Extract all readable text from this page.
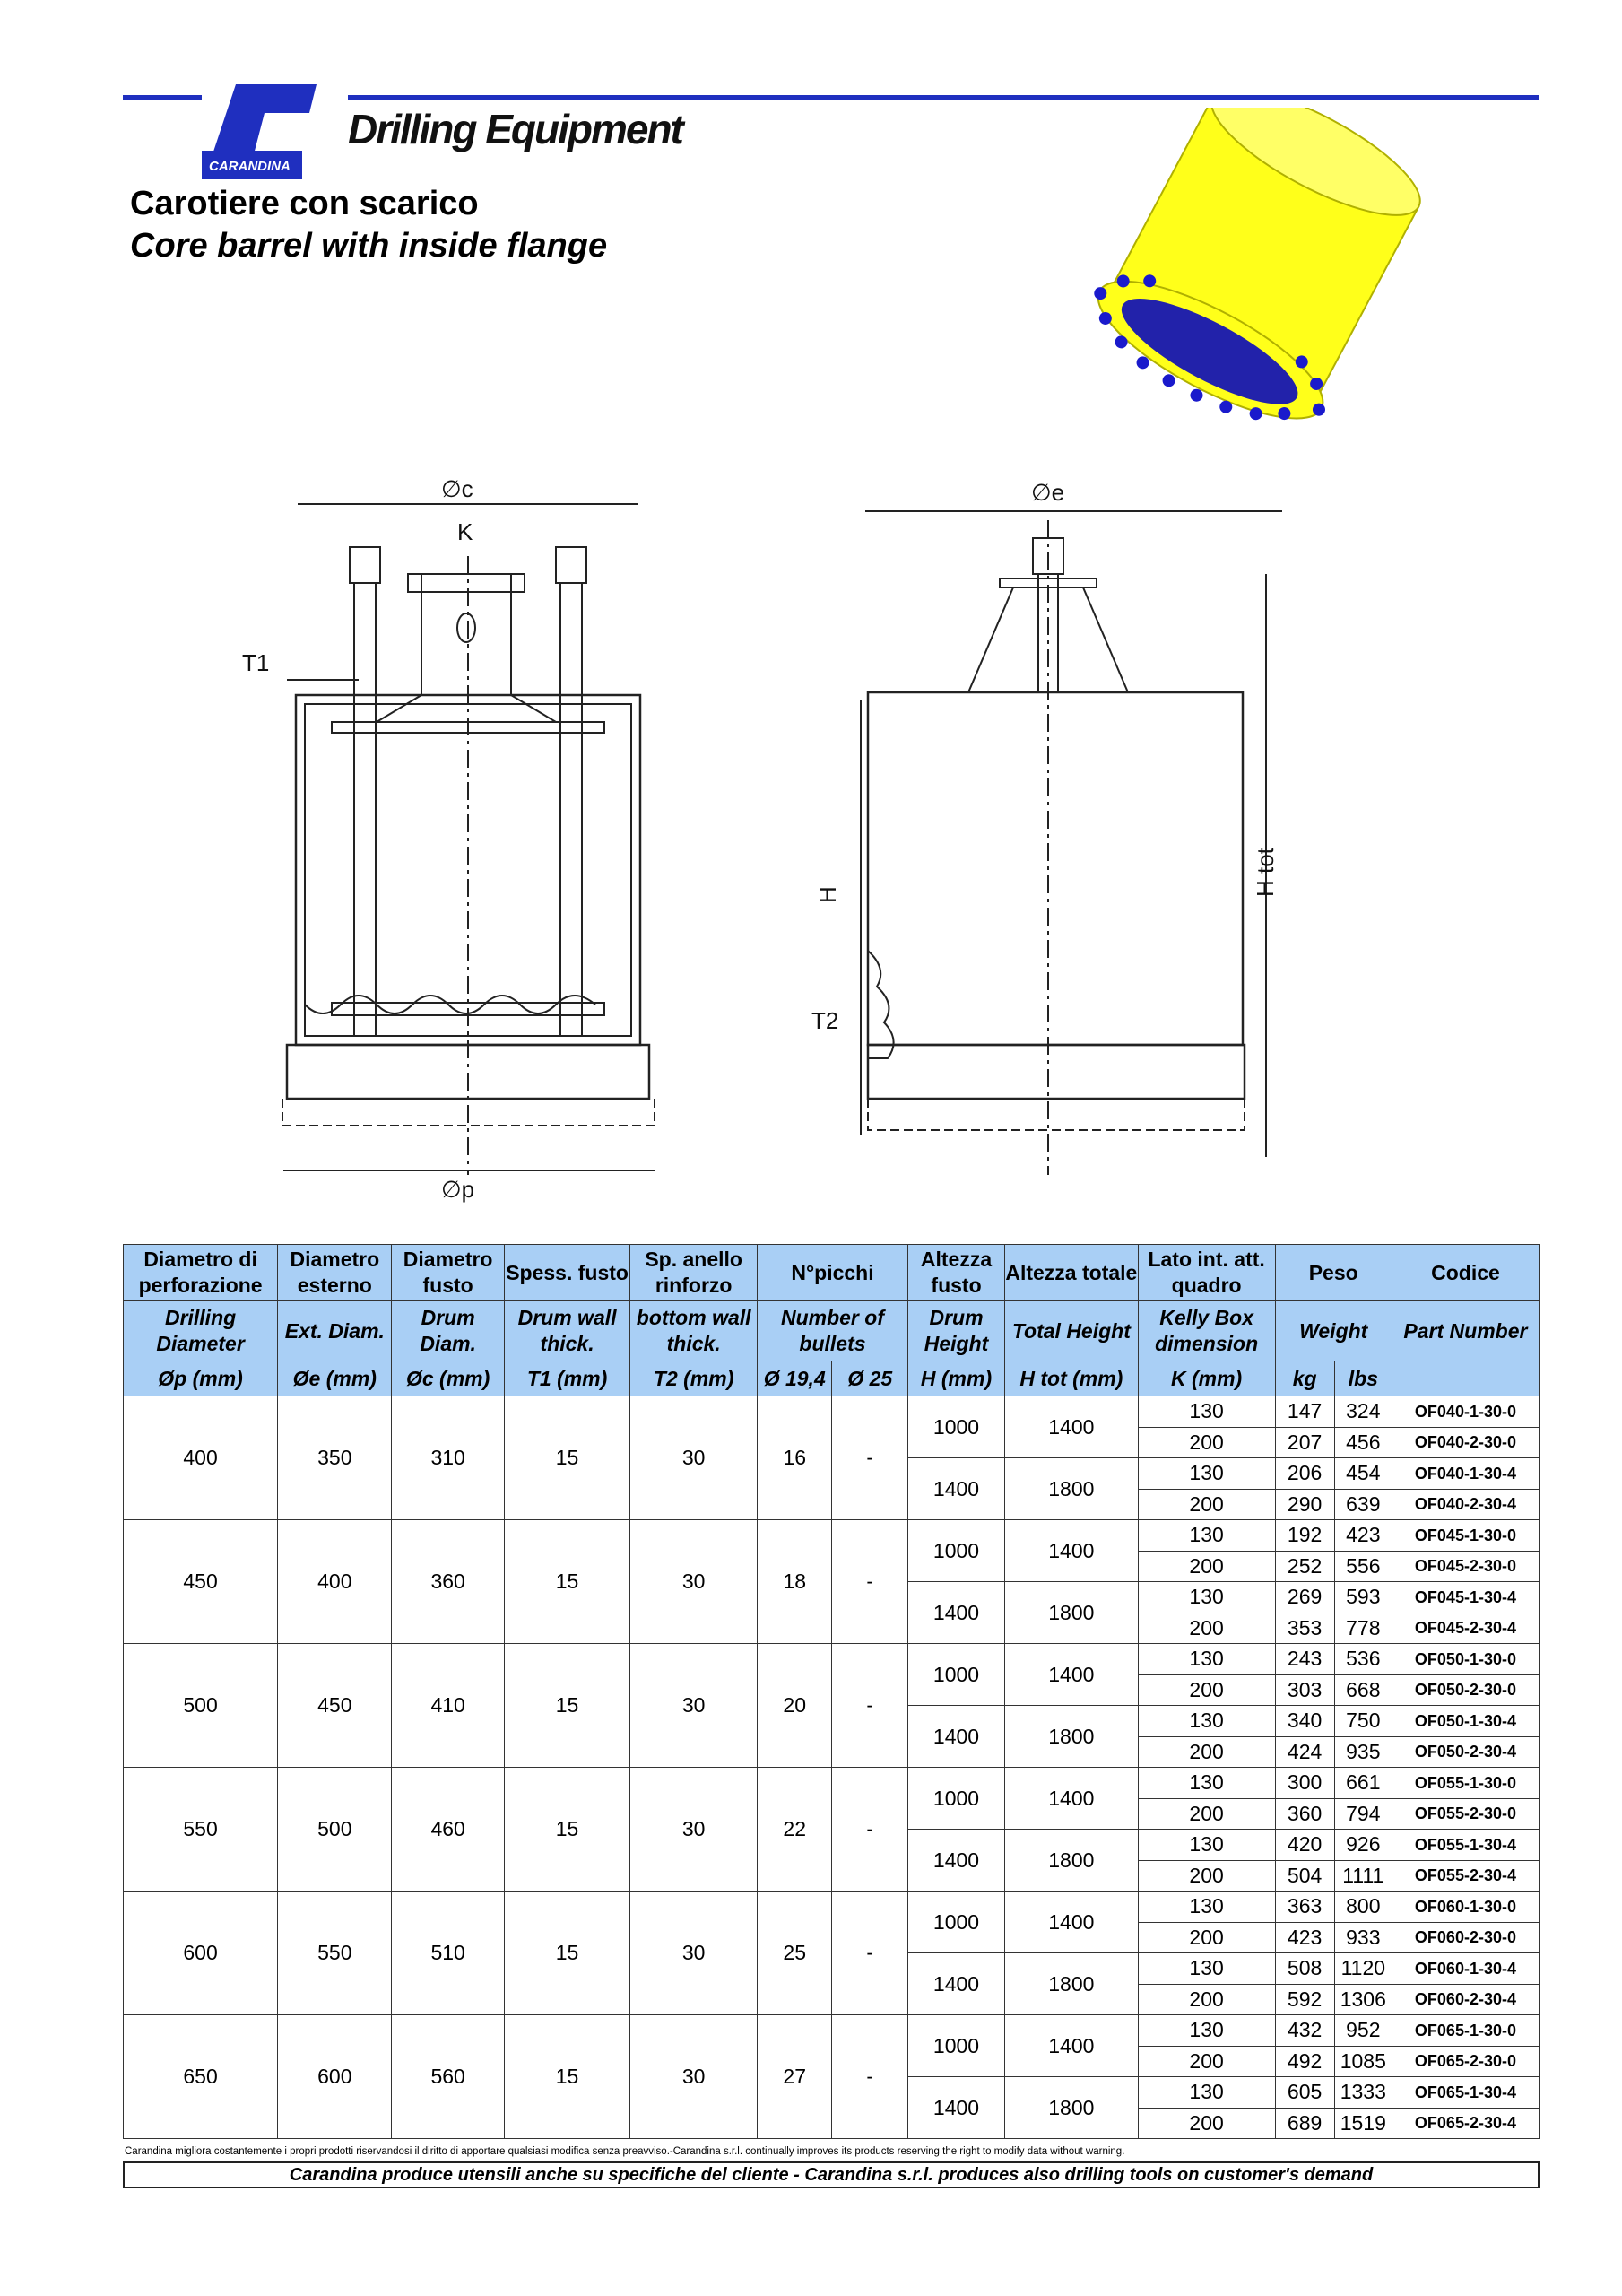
CARANDINA
Drilling Equipment
Carotiere con scarico
Core barrel with inside flange
∅c
K
T1
∅p
∅e
H
T2
H tot
Diametro di perforazione	Diametro esterno	Diametro fusto	Spess. fusto	Sp. anello rinforzo	N°picchi		Altezza fusto	Altezza totale	Lato int. att. quadro	Peso		Codice
Drilling Diameter	Ext. Diam.	Drum Diam.	Drum wall thick.	bottom wall thick.	Number of bullets		Drum Height	Total Height	Kelly Box dimension	Weight		Part Number
Øp (mm)	Øe (mm)	Øc (mm)	T1 (mm)	T2 (mm)	Ø 19,4	Ø 25	H (mm)	H tot (mm)	K (mm)	kg	lbs	
400	350	310	15	30	16	-	1000	1400	130	147	324	OF040-1-30-0
									200	207	456	OF040-2-30-0
							1400	1800	130	206	454	OF040-1-30-4
									200	290	639	OF040-2-30-4
450	400	360	15	30	18	-	1000	1400	130	192	423	OF045-1-30-0
									200	252	556	OF045-2-30-0
							1400	1800	130	269	593	OF045-1-30-4
									200	353	778	OF045-2-30-4
500	450	410	15	30	20	-	1000	1400	130	243	536	OF050-1-30-0
									200	303	668	OF050-2-30-0
							1400	1800	130	340	750	OF050-1-30-4
									200	424	935	OF050-2-30-4
550	500	460	15	30	22	-	1000	1400	130	300	661	OF055-1-30-0
									200	360	794	OF055-2-30-0
							1400	1800	130	420	926	OF055-1-30-4
									200	504	1111	OF055-2-30-4
600	550	510	15	30	25	-	1000	1400	130	363	800	OF060-1-30-0
									200	423	933	OF060-2-30-0
							1400	1800	130	508	1120	OF060-1-30-4
									200	592	1306	OF060-2-30-4
650	600	560	15	30	27	-	1000	1400	130	432	952	OF065-1-30-0
									200	492	1085	OF065-2-30-0
							1400	1800	130	605	1333	OF065-1-30-4
									200	689	1519	OF065-2-30-4
Carandina migliora costantemente i propri prodotti riservandosi il diritto di apportare qualsiasi modifica senza preavviso.-Carandina s.r.l. continually improves its products reserving the right to modify data without warning.
Carandina produce utensili anche su specifiche del cliente - Carandina s.r.l. produces also drilling tools on customer's demand
